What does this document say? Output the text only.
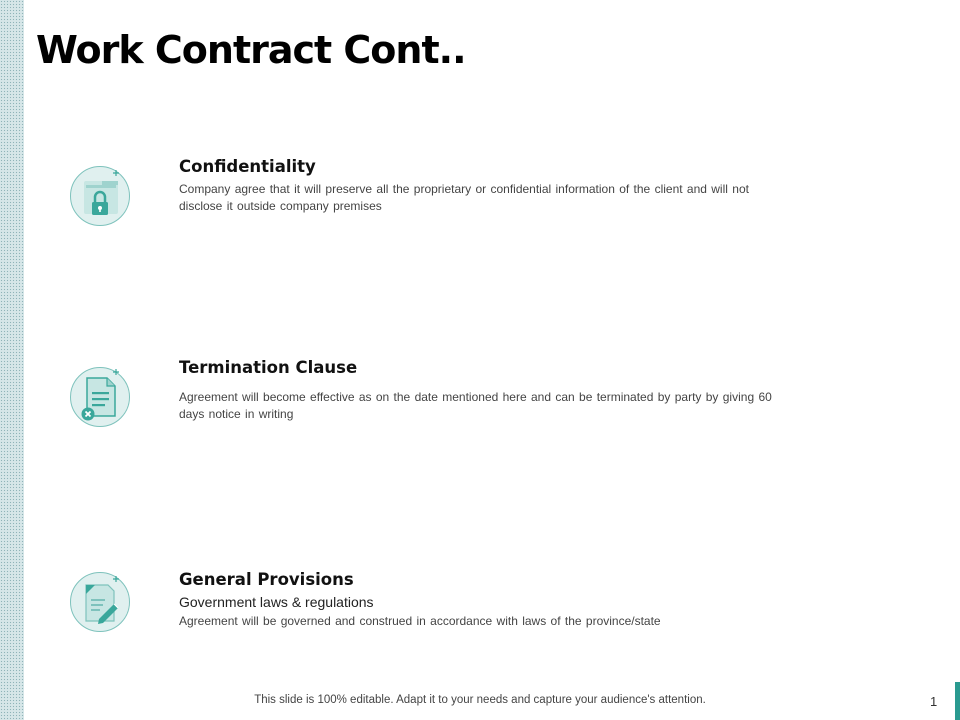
Work Contract Cont..
Confidentiality
Company agree that it will preserve all the proprietary or confidential information of the client and will not disclose it outside company premises
Termination Clause
Agreement will become effective as on the date mentioned here and can be terminated by party by giving 60 days notice in writing
General Provisions
Government laws & regulations
Agreement will be governed and construed in accordance with laws of the province/state
This slide is 100% editable. Adapt it to your needs and capture your audience's attention.	1
